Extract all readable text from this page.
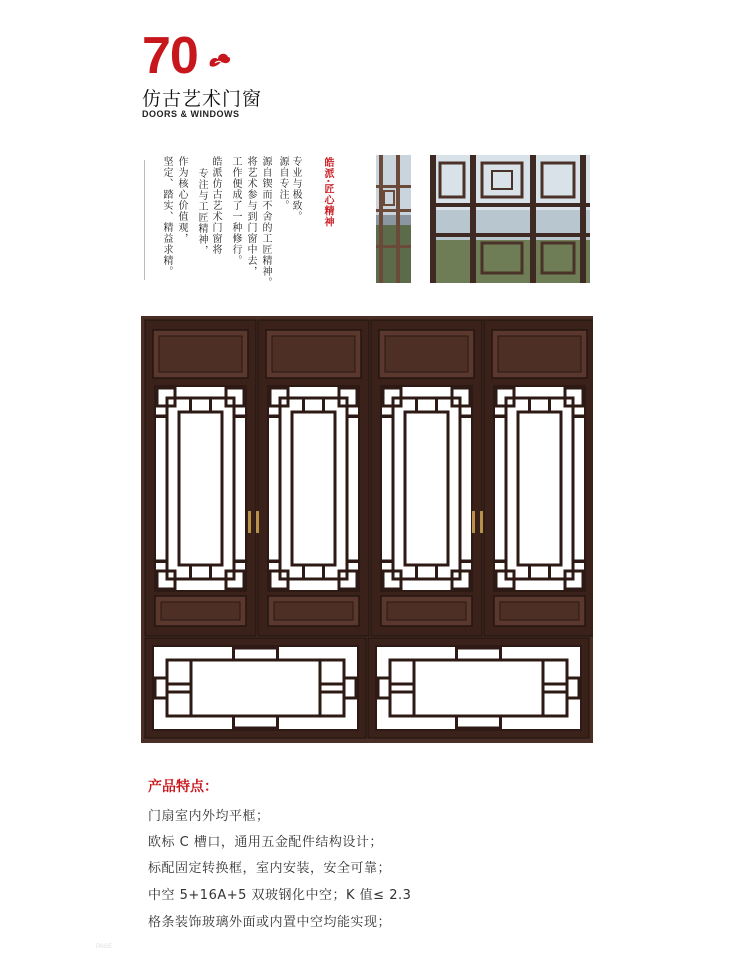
70
仿古艺术门窗
DOORS & WINDOWS
专业与极致。
源自专注。
源自锲而不舍的工匠精神。
将艺术参与到门窗中去，
工作便成了一种修行。
皓派仿古艺术门窗将
专注与工匠精神，
作为核心价值观，
坚定、踏实、精益求精。	皓派·匠心精神
产品特点：
门扇室内外均平框；
欧标 C 槽口，通用五金配件结构设计；
标配固定转换框，室内安装，安全可靠；
中空 5+16A+5 双玻钢化中空；K 值≤ 2.3
格条装饰玻璃外面或内置中空均能实现；
PAGE
